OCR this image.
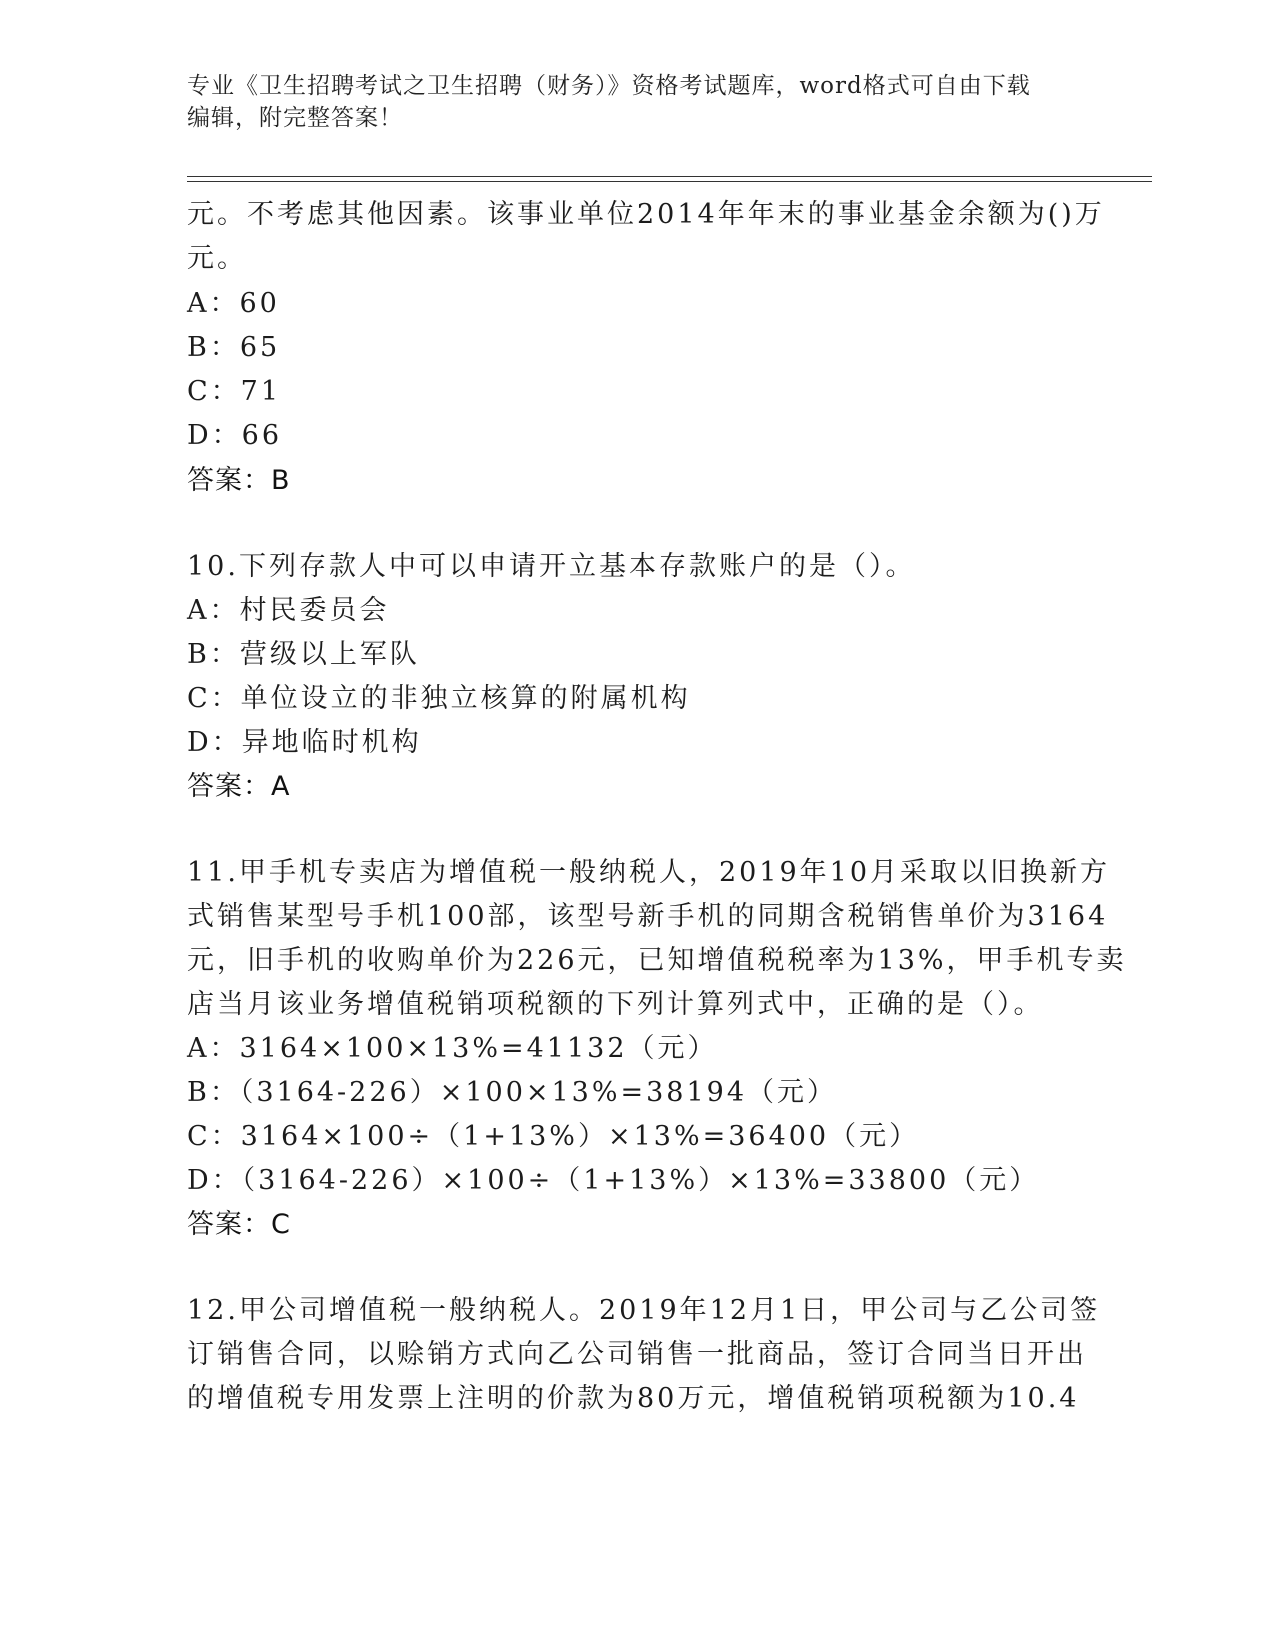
专业《卫生招聘考试之卫生招聘（财务）》资格考试题库，word格式可自由下载
编辑，附完整答案！
元。不考虑其他因素。该事业单位2014年年末的事业基金余额为()万
元。
A：60
B：65
C：71
D：66
答案：B
10.下列存款人中可以申请开立基本存款账户的是（）。
A：村民委员会
B：营级以上军队
C：单位设立的非独立核算的附属机构
D：异地临时机构
答案：A
11.甲手机专卖店为增值税一般纳税人，2019年10月采取以旧换新方
式销售某型号手机100部，该型号新手机的同期含税销售单价为3164
元，旧手机的收购单价为226元，已知增值税税率为13%，甲手机专卖
店当月该业务增值税销项税额的下列计算列式中，正确的是（）。
A：3164×100×13%=41132（元）
B：（3164-226）×100×13%=38194（元）
C：3164×100÷（1+13%）×13%=36400（元）
D：（3164-226）×100÷（1+13%）×13%=33800（元）
答案：C
12.甲公司增值税一般纳税人。2019年12月1日，甲公司与乙公司签
订销售合同，以赊销方式向乙公司销售一批商品，签订合同当日开出
的增值税专用发票上注明的价款为80万元，增值税销项税额为10.4
